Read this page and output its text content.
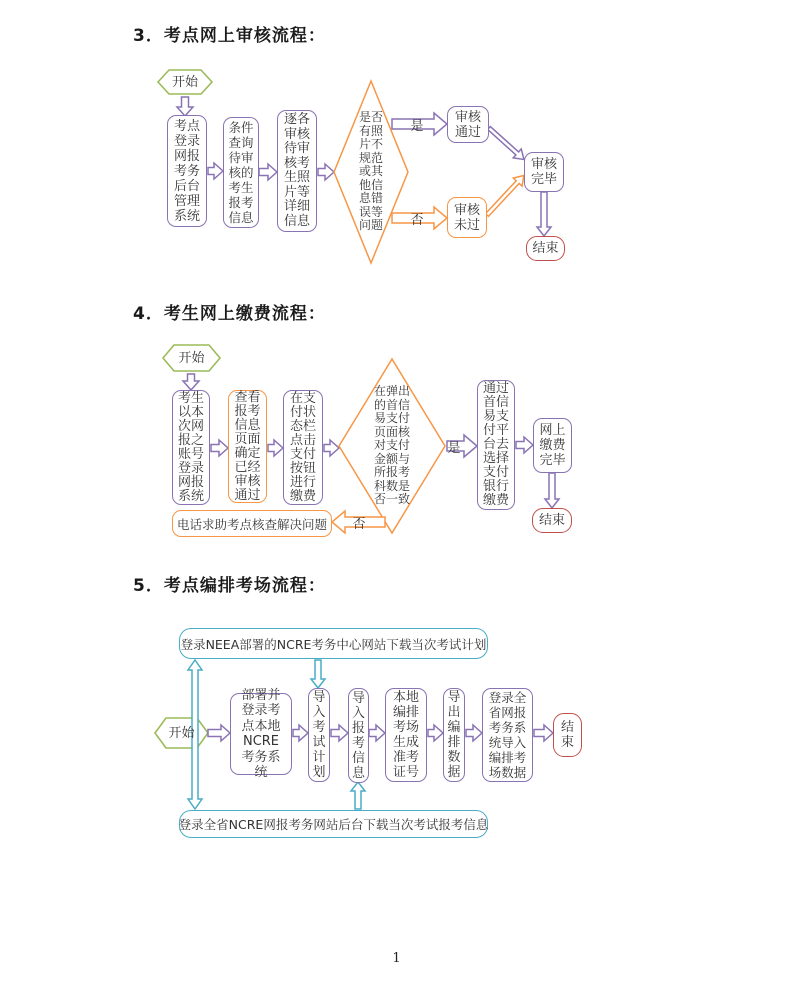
3．考点网上审核流程：
4．考生网上缴费流程：
5．考点编排考场流程：
开始
考点登录网报考务后台管理系统
条件查询待审核的考生报考信息
逐各审核待审核考生照片等详细信息
是否有照片不规范或其他信息错误等问题
是
否
审核通过
审核未过
审核完毕
结束
开始
考生以本次网报之账号登录网报系统
查看报考信息页面确定已经审核通过
在支付状态栏点击支付按钮进行缴费
在弹出的首信易支付页面核对支付金额与所报考科数是否一致
是
否
通过首信易支付平台去选择支付银行缴费
网上缴费完毕
结束
电话求助考点核查解决问题
登录NEEA部署的NCRE考务中心网站下载当次考试计划
登录全省NCRE网报考务网站后台下载当次考试报考信息
开始
部署并登录考点本地NCRE考务系统
导入考试计划
导入报考信息
本地编排考场生成准考证号
导出编排数据
登录全省网报考务系统导入编排考场数据
结束
1
